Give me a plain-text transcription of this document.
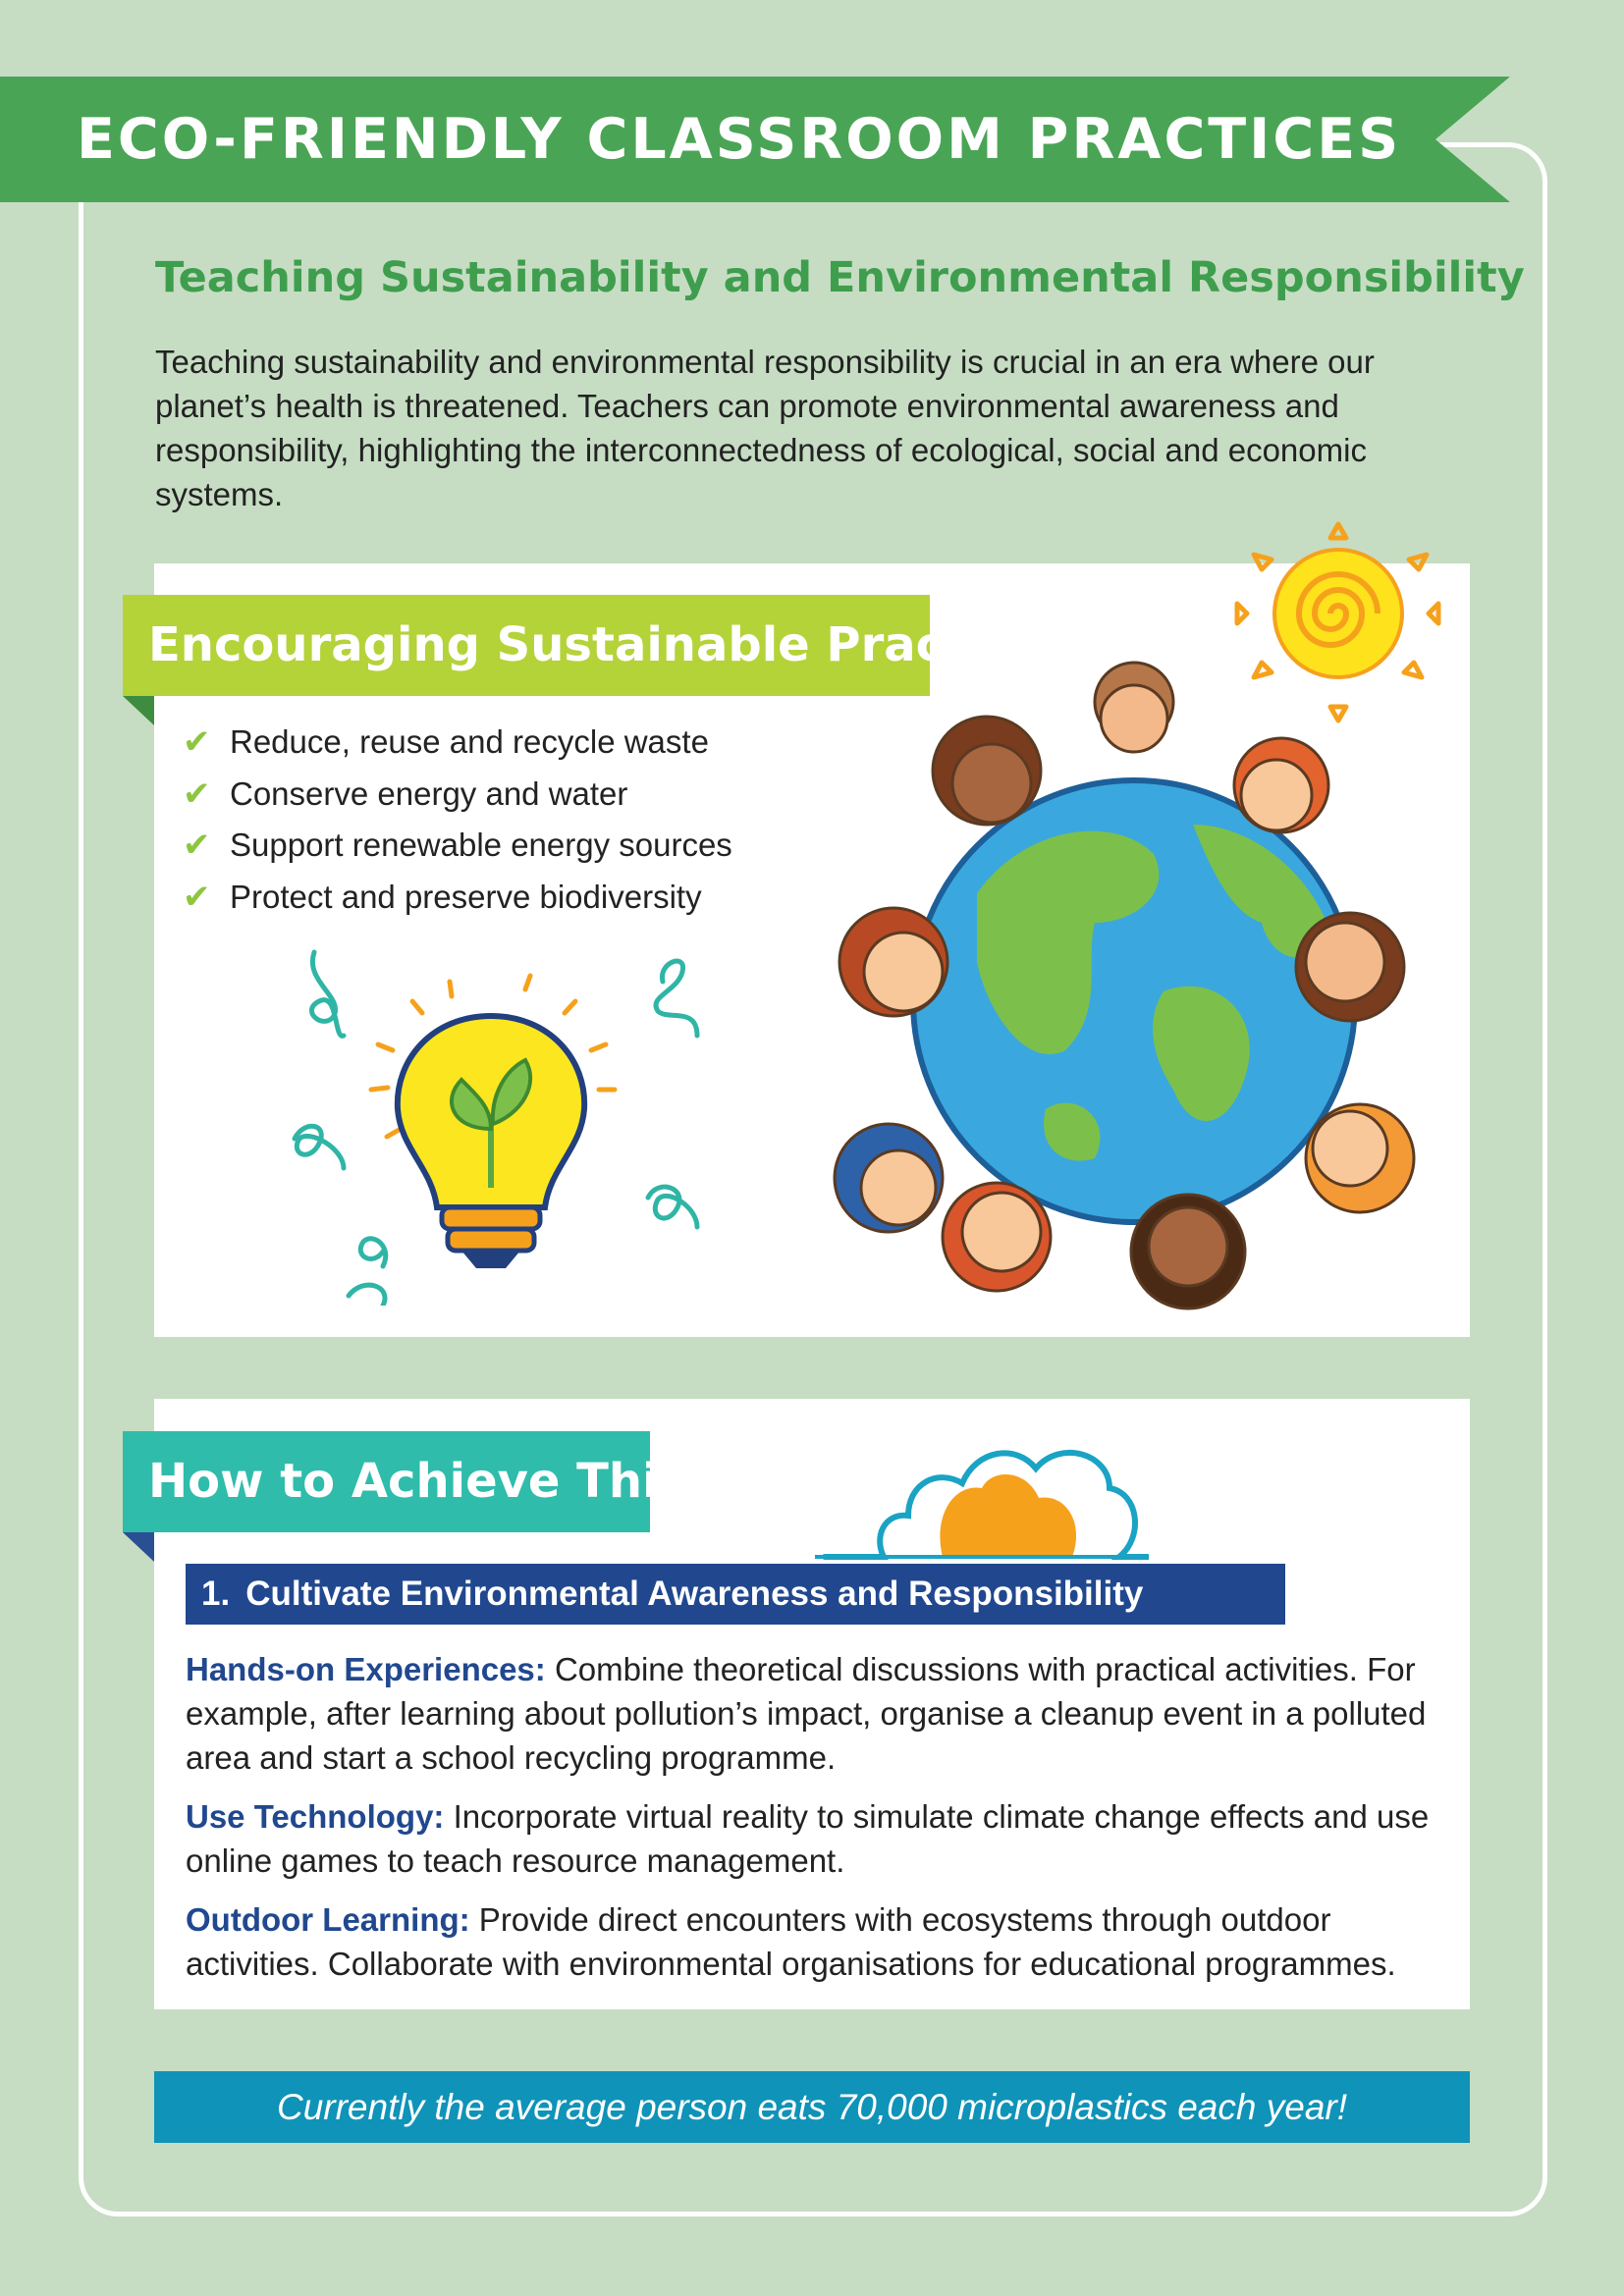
ECO-FRIENDLY CLASSROOM PRACTICES
Teaching Sustainability and Environmental Responsibility
Teaching sustainability and environmental responsibility is crucial in an era where our planet’s health is threatened. Teachers can promote environmental awareness and responsibility, highlighting the interconnectedness of ecological, social and economic systems.
Encouraging Sustainable Practices
✔ Reduce, reuse and recycle waste
✔ Conserve energy and water
✔ Support renewable energy sources
✔ Protect and preserve biodiversity
How to Achieve This?
1. Cultivate Environmental Awareness and Responsibility
Hands-on Experiences: Combine theoretical discussions with practical activities. For example, after learning about pollution’s impact, organise a cleanup event in a polluted area and start a school recycling programme.
Use Technology: Incorporate virtual reality to simulate climate change effects and use online games to teach resource management.
Outdoor Learning: Provide direct encounters with ecosystems through outdoor activities. Collaborate with environmental organisations for educational programmes.
Currently the average person eats 70,000 microplastics each year!
